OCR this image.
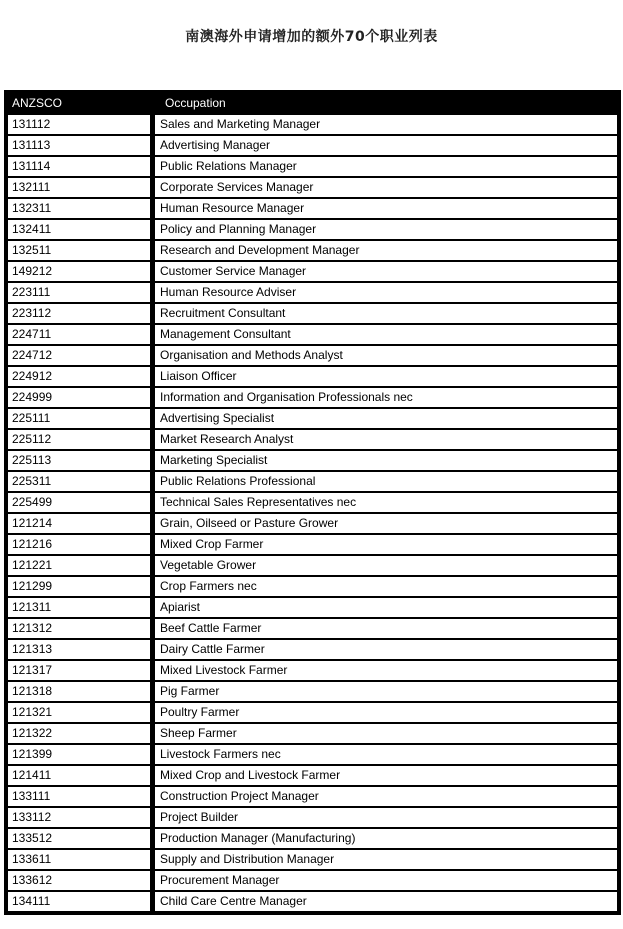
南澳海外申请增加的额外70个职业列表
ANZSCO	Occupation
131112	Sales and Marketing Manager
131113	Advertising Manager
131114	Public Relations Manager
132111	Corporate Services Manager
132311	Human Resource Manager
132411	Policy and Planning Manager
132511	Research and Development Manager
149212	Customer Service Manager
223111	Human Resource Adviser
223112	Recruitment Consultant
224711	Management Consultant
224712	Organisation and Methods Analyst
224912	Liaison Officer
224999	Information and Organisation Professionals nec
225111	Advertising Specialist
225112	Market Research Analyst
225113	Marketing Specialist
225311	Public Relations Professional
225499	Technical Sales Representatives nec
121214	Grain, Oilseed or Pasture Grower
121216	Mixed Crop Farmer
121221	Vegetable Grower
121299	Crop Farmers nec
121311	Apiarist
121312	Beef Cattle Farmer
121313	Dairy Cattle Farmer
121317	Mixed Livestock Farmer
121318	Pig Farmer
121321	Poultry Farmer
121322	Sheep Farmer
121399	Livestock Farmers nec
121411	Mixed Crop and Livestock Farmer
133111	Construction Project Manager
133112	Project Builder
133512	Production Manager (Manufacturing)
133611	Supply and Distribution Manager
133612	Procurement Manager
134111	Child Care Centre Manager
